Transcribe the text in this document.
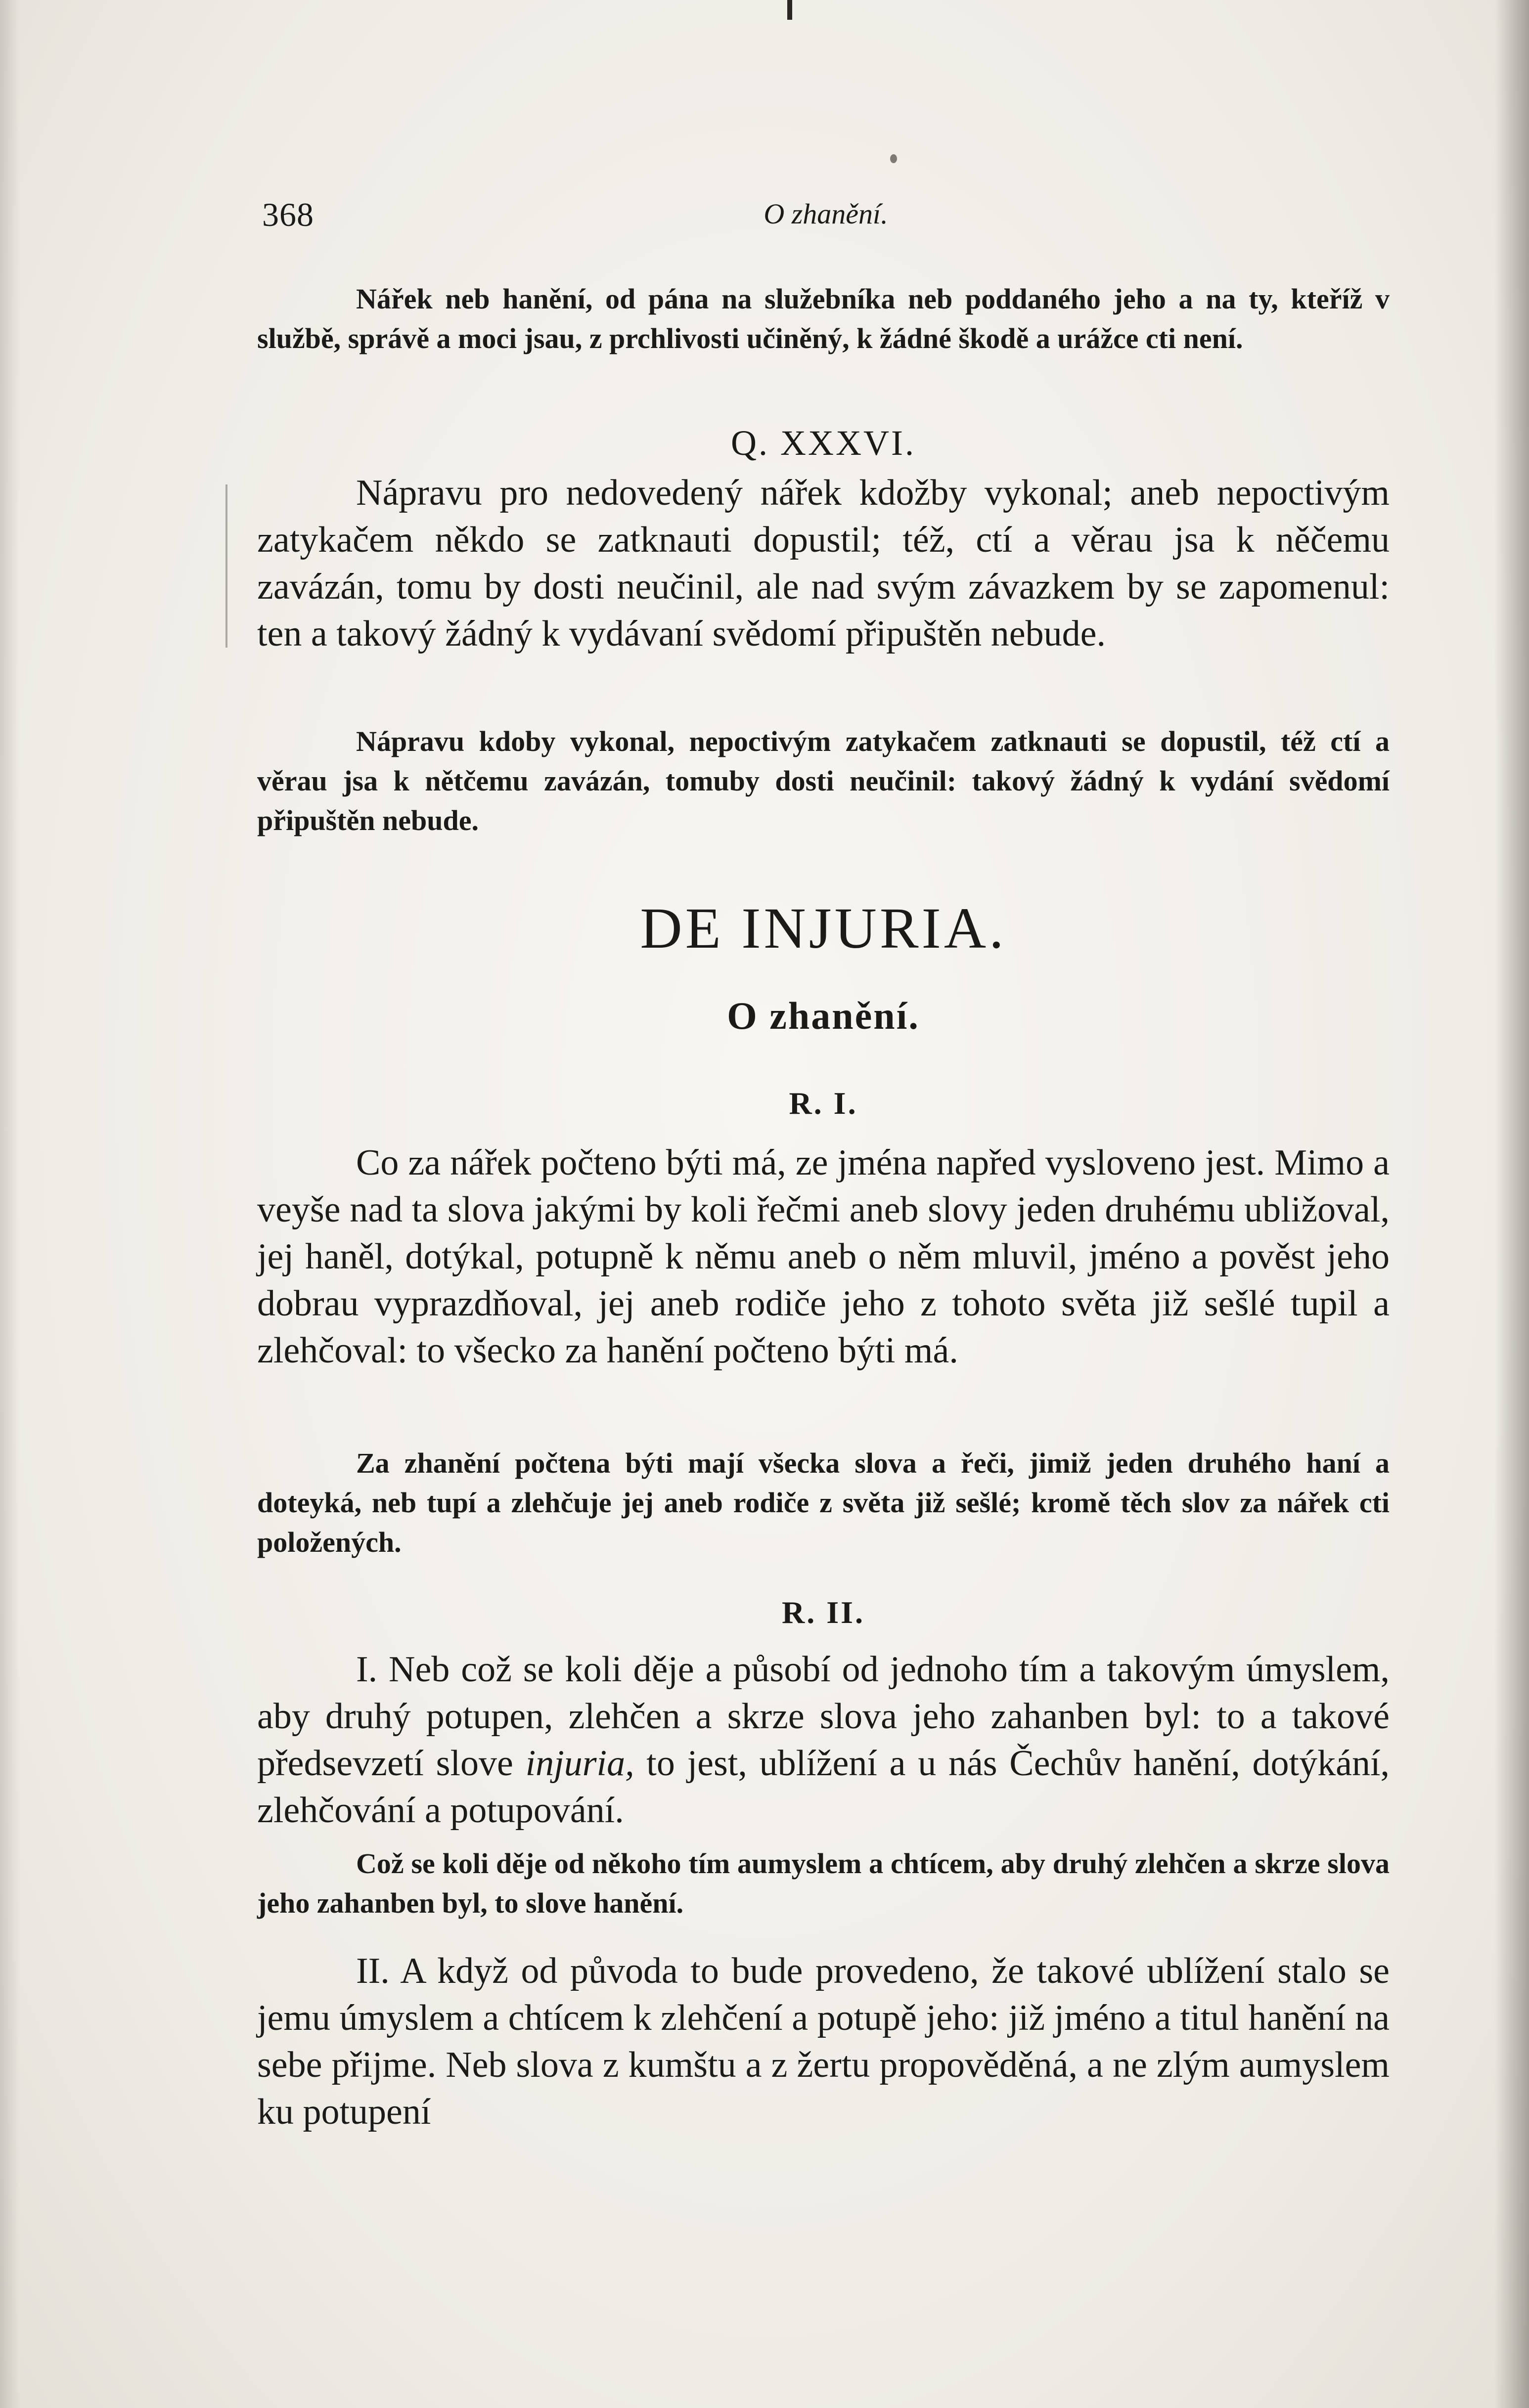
368	O zhanění.

Nářek neb hanění, od pána na služebníka neb poddaného jeho a na ty, kteříž v službě, správě a moci jsau, z prchlivosti učiněný, k žádné škodě a urážce cti není.

Q. XXXVI.

Nápravu pro nedovedený nářek kdožby vykonal; aneb nepoctivým zatykačem někdo se zatknauti dopustil; též, ctí a věrau jsa k něčemu zavázán, tomu by dosti neučinil, ale nad svým závazkem by se zapomenul: ten a takový žádný k vydávaní svědomí připuštěn nebude.

Nápravu kdoby vykonal, nepoctivým zatykačem zatknauti se dopustil, též ctí a věrau jsa k nětčemu zavázán, tomuby dosti neučinil: takový žádný k vydání svědomí připuštěn nebude.

DE INJURIA.
O zhanění.
R. I.

Co za nářek počteno býti má, ze jména napřed vysloveno jest. Mimo a veyše nad ta slova jakými by koli řečmi aneb slovy jeden druhému ubližoval, jej haněl, dotýkal, potupně k němu aneb o něm mluvil, jméno a pověst jeho dobrau vyprazdňoval, jej aneb rodiče jeho z tohoto světa již sešlé tupil a zlehčoval: to všecko za hanění počteno býti má.

Za zhanění počtena býti mají všecka slova a řeči, jimiž jeden druhého haní a doteyká, neb tupí a zlehčuje jej aneb rodiče z světa již sešlé; kromě těch slov za nářek cti položených.

R. II.

I. Neb což se koli děje a působí od jednoho tím a takovým úmyslem, aby druhý potupen, zlehčen a skrze slova jeho zahanben byl: to a takové předsevzetí slove injuria, to jest, ublížení a u nás Čechův hanění, dotýkání, zlehčování a potupování.

Což se koli děje od někoho tím aumyslem a chtícem, aby druhý zlehčen a skrze slova jeho zahanben byl, to slove hanění.

II. A když od původa to bude provedeno, že takové ublížení stalo se jemu úmyslem a chtícem k zlehčení a potupě jeho: již jméno a titul hanění na sebe přijme. Neb slova z kumštu a z žertu propověděná, a ne zlým aumyslem ku potupení
